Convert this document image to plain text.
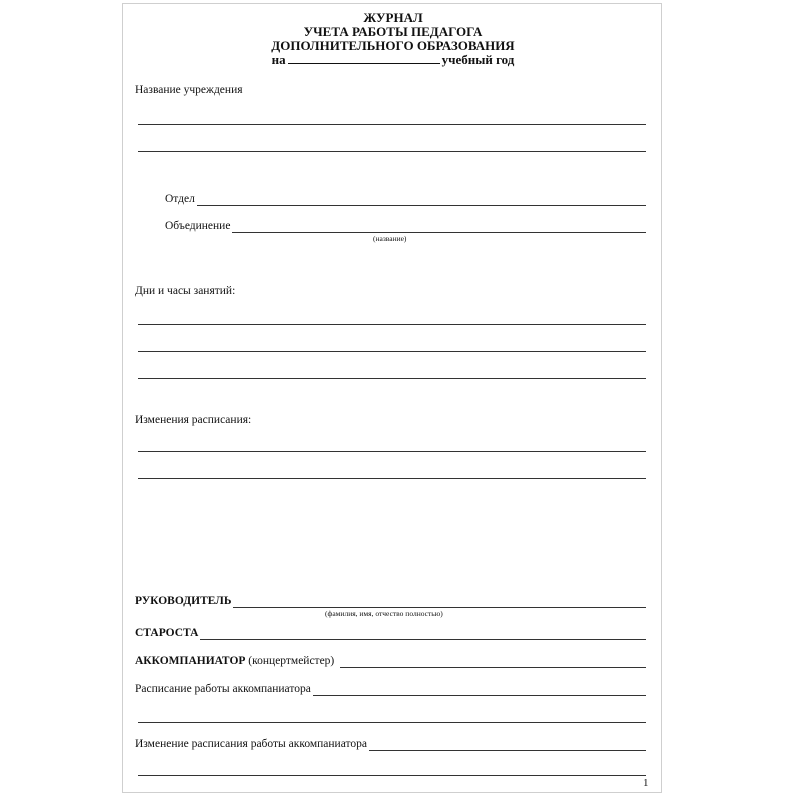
ЖУРНАЛ
УЧЕТА РАБОТЫ ПЕДАГОГА
ДОПОЛНИТЕЛЬНОГО ОБРАЗОВАНИЯ
на	учебный год
Название учреждения
Отдел
Объединение
(название)
Дни и часы занятий:
Изменения расписания:
РУКОВОДИТЕЛЬ
(фамилия, имя, отчество полностью)
СТАРОСТА
АККОМПАНИАТОР
(концертмейстер)
Расписание работы аккомпаниатора
Изменение расписания работы аккомпаниатора
1
